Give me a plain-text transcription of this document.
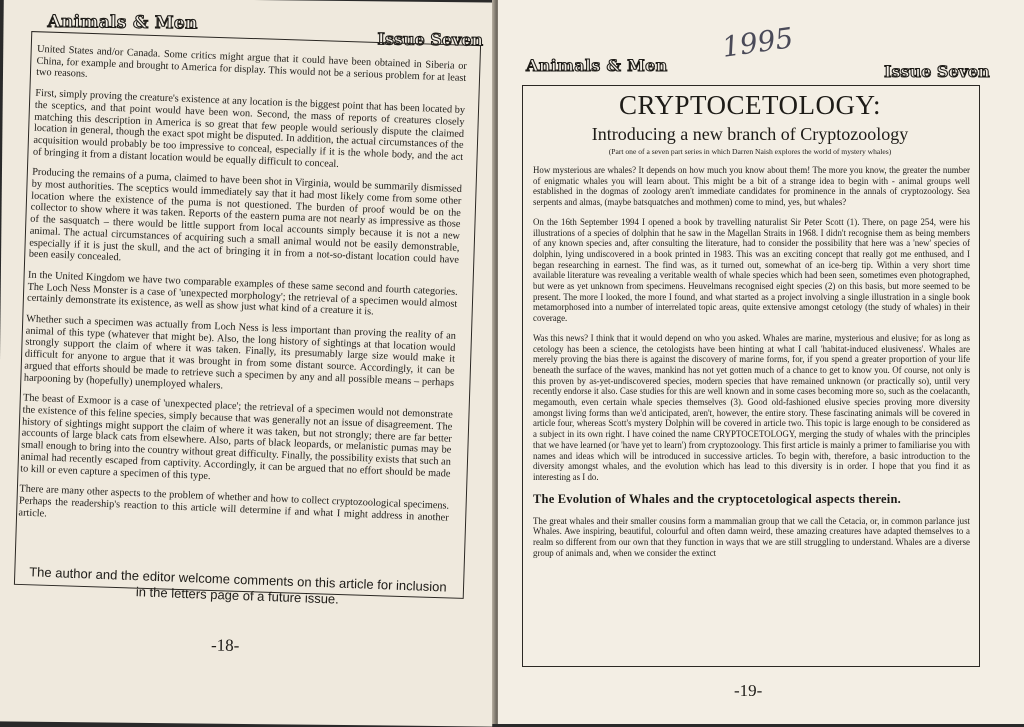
Animals & Men
Issue Seven

United States and/or Canada. Some critics might argue that it could have been obtained in Siberia or China, for example and brought to America for display. This would not be a serious problem for at least two reasons.

First, simply proving the creature's existence at any location is the biggest point that has been located by the sceptics, and that point would have been won. Second, the mass of reports of creatures closely matching this description in America is so great that few people would seriously dispute the claimed location in general, though the exact spot might be disputed. In addition, the actual circumstances of the acquisition would probably be too impressive to conceal, especially if it is the whole body, and the act of bringing it from a distant location would be equally difficult to conceal.

Producing the remains of a puma, claimed to have been shot in Virginia, would be summarily dismissed by most authorities. The sceptics would immediately say that it had most likely come from some other location where the existence of the puma is not questioned. The burden of proof would be on the collector to show where it was taken. Reports of the eastern puma are not nearly as impressive as those of the sasquatch – there would be little support from local accounts simply because it is not a new animal. The actual circumstances of acquiring such a small animal would not be easily demonstrable, especially if it is just the skull, and the act of bringing it in from a not-so-distant location could have been easily concealed.

In the United Kingdom we have two comparable examples of these same second and fourth categories. The Loch Ness Monster is a case of 'unexpected morphology'; the retrieval of a specimen would almost certainly demonstrate its existence, as well as show just what kind of a creature it is.

Whether such a specimen was actually from Loch Ness is less important than proving the reality of an animal of this type (whatever that might be). Also, the long history of sightings at that location would strongly support the claim of where it was taken. Finally, its presumably large size would make it difficult for anyone to argue that it was brought in from some distant source. Accordingly, it can be argued that efforts should be made to retrieve such a specimen by any and all possible means – perhaps harpooning by (hopefully) unemployed whalers.

The beast of Exmoor is a case of 'unexpected place'; the retrieval of a specimen would not demonstrate the existence of this feline species, simply because that was generally not an issue of disagreement. The history of sightings might support the claim of where it was taken, but not strongly; there are far better accounts of large black cats from elsewhere. Also, parts of black leopards, or melanistic pumas may be small enough to bring into the country without great difficulty. Finally, the possibility exists that such an animal had recently escaped from captivity. Accordingly, it can be argued that no effort should be made to kill or even capture a specimen of this type.

There are many other aspects to the problem of whether and how to collect cryptozoological specimens. Perhaps the readership's reaction to this article will determine if and what I might address in another article.

The author and the editor welcome comments on this article for inclusion in the letters page of a future issue.
-18-
1995
Animals & Men	Issue Seven
CRYPTOCETOLOGY:
Introducing a new branch of Cryptozoology
(Part one of a seven part series in which Darren Naish explores the world of mystery whales)

How mysterious are whales? It depends on how much you know about them! The more you know, the greater the number of enigmatic whales you will learn about. This might be a bit of a strange idea to begin with - animal groups well established in the dogmas of zoology aren't immediate candidates for prominence in the annals of cryptozoology. Sea serpents and almas, (maybe batsquatches and mothmen) come to mind, yes, but whales?

On the 16th September 1994 I opened a book by travelling naturalist Sir Peter Scott (1). There, on page 254, were his illustrations of a species of dolphin that he saw in the Magellan Straits in 1968. I didn't recognise them as being members of any known species and, after consulting the literature, had to consider the possibility that here was a 'new' species of dolphin, lying undiscovered in a book printed in 1983. This was an exciting concept that really got me enthused, and I began researching in earnest. The find was, as it turned out, somewhat of an ice-berg tip. Within a very short time available literature was revealing a veritable wealth of whale species which had been seen, sometimes even photographed, but were as yet unknown from specimens. Heuvelmans recognised eight species (2) on this basis, but more seemed to be present. The more I looked, the more I found, and what started as a project involving a single illustration in a single book metamorphosed into a number of interrelated topic areas, quite extensive amongst cetology (the study of whales) in their coverage.

Was this news? I think that it would depend on who you asked. Whales are marine, mysterious and elusive; for as long as cetology has been a science, the cetologists have been hinting at what I call 'habitat-induced elusiveness'. Whales are merely proving the bias there is against the discovery of marine forms, for, if you spend a greater proportion of your life beneath the surface of the waves, mankind has not yet gotten much of a chance to get to know you. Of course, not only is this proven by as-yet-undiscovered species, modern species that have remained unknown (or practically so), until very recently endorse it also. Case studies for this are well known and in some cases becoming more so, such as the coelacanth, megamouth, even certain whale species themselves (3). Good old-fashioned elusive species proving more diversity amongst living forms than we'd anticipated, aren't, however, the entire story. These fascinating animals will be covered in article four, whereas Scott's mystery Dolphin will be covered in article two. This topic is large enough to be considered as a subject in its own right. I have coined the name CRYPTOCETOLOGY, merging the study of whales with the principles that we have learned (or 'have yet to learn') from cryptozoology. This first article is mainly a primer to familiarise you with names and ideas which will be introduced in successive articles. To begin with, therefore, a basic introduction to the diversity amongst whales, and the evolution which has lead to this diversity is in order. I hope that you find it as interesting as I do.

The Evolution of Whales and the cryptocetological aspects therein.

The great whales and their smaller cousins form a mammalian group that we call the Cetacia, or, in common parlance just Whales. Awe inspiring, beautiful, colourful and often damn weird, these amazing creatures have adapted themselves to a realm so different from our own that they function in ways that we are still struggling to understand. Whales are a diverse group of animals and, when we consider the extinct

-19-
